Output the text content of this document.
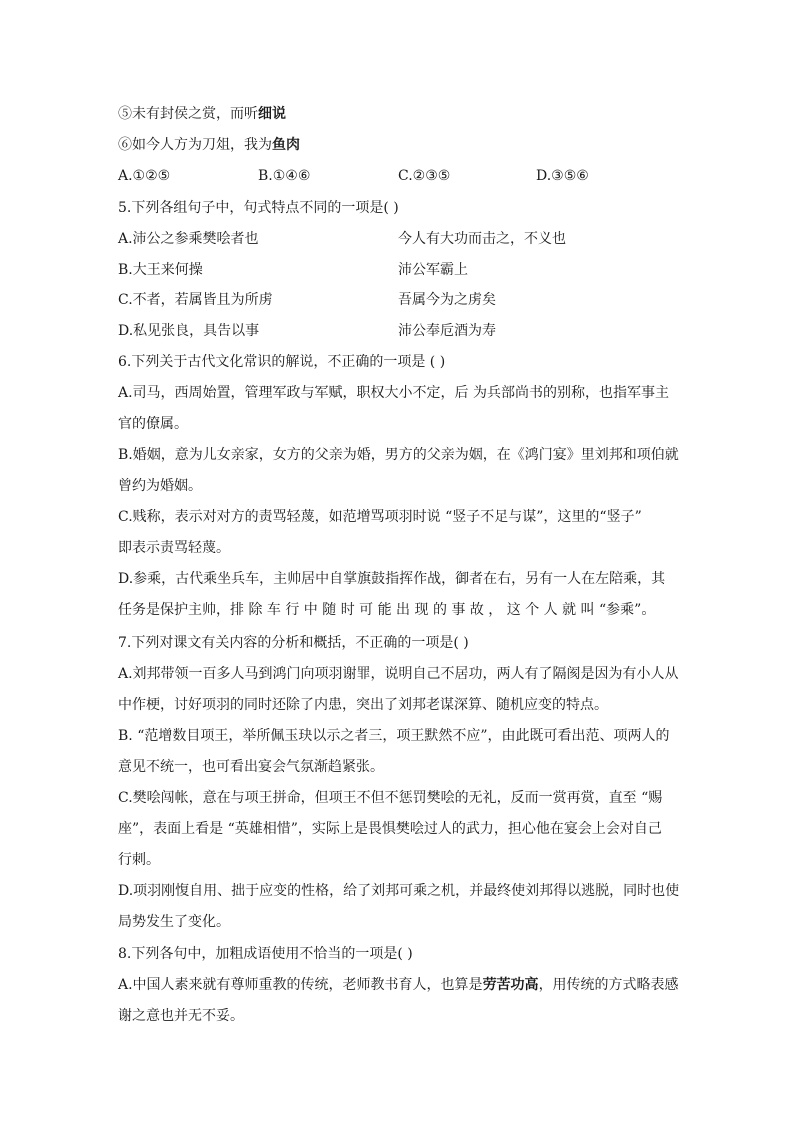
⑤未有封侯之赏，而听细说
⑥如今人方为刀俎，我为鱼肉
A.①②⑤	B.①④⑥	C.②③⑤	D.③⑤⑥
5.下列各组句子中，句式特点不同的一项是( )
A.沛公之参乘樊哙者也	今人有大功而击之，不义也
B.大王来何操	沛公军霸上
C.不者，若属皆且为所虏	吾属今为之虏矣
D.私见张良，具告以事	沛公奉卮酒为寿
6.下列关于古代文化常识的解说，不正确的一项是 ( )
A.司马，西周始置，管理军政与军赋，职权大小不定，后 为兵部尚书的别称，也指军事主
官的僚属。
B.婚姻，意为儿女亲家，女方的父亲为婚，男方的父亲为姻，在《鸿门宴》里刘邦和项伯就
曾约为婚姻。
C.贱称，表示对对方的责骂轻蔑，如范增骂项羽时说 “竖子不足与谋”，这里的“竖子”
即表示责骂轻蔑。
D.参乘，古代乘坐兵车，主帅居中自掌旗鼓指挥作战，御者在右，另有一人在左陪乘，其
任务是保护主帅，排 除 车 行 中 随 时 可 能 出 现 的 事 故 ， 这 个 人 就 叫 “参乘”。
7.下列对课文有关内容的分析和概括，不正确的一项是( )
A.刘邦带领一百多人马到鸿门向项羽谢罪，说明自己不居功，两人有了隔阂是因为有小人从
中作梗，讨好项羽的同时还除了内患，突出了刘邦老谋深算、随机应变的特点。
B. “范增数目项王，举所佩玉玦以示之者三，项王默然不应”，由此既可看出范、项两人的
意见不统一，也可看出宴会气氛渐趋紧张。
C.樊哙闯帐，意在与项王拼命，但项王不但不惩罚樊哙的无礼，反而一赏再赏，直至 “赐
座”，表面上看是 “英雄相惜”，实际上是畏惧樊哙过人的武力，担心他在宴会上会对自己
行刺。
D.项羽刚愎自用、拙于应变的性格，给了刘邦可乘之机，并最终使刘邦得以逃脱，同时也使
局势发生了变化。
8.下列各句中，加粗成语使用不恰当的一项是( )
A.中国人素来就有尊师重教的传统，老师教书育人，也算是劳苦功高，用传统的方式略表感
谢之意也并无不妥。
